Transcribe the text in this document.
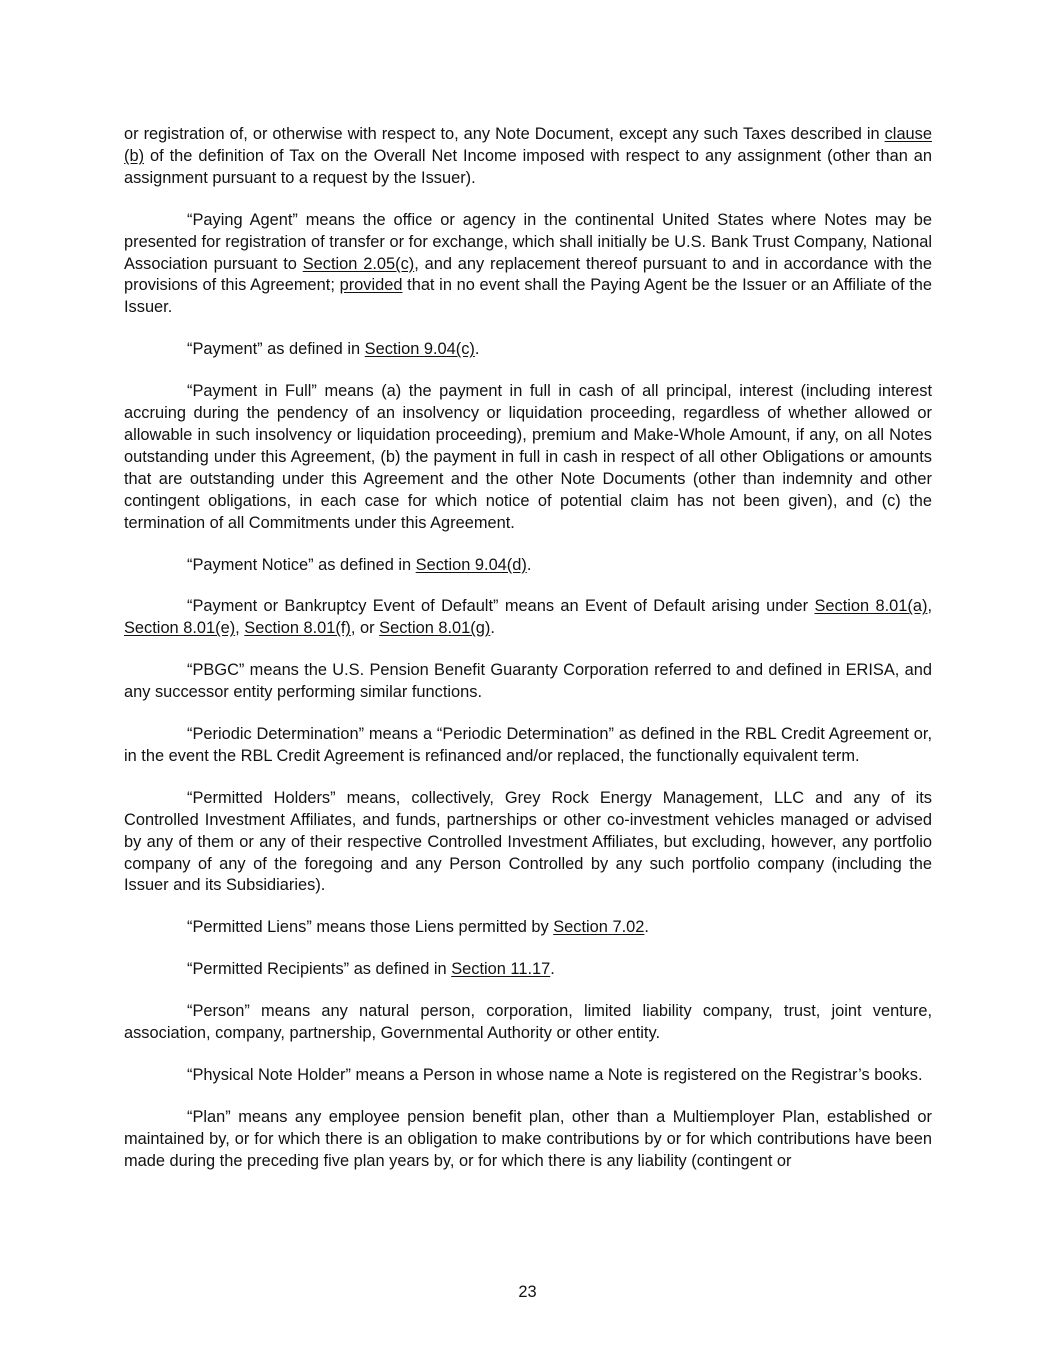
or registration of, or otherwise with respect to, any Note Document, except any such Taxes described in clause (b) of the definition of Tax on the Overall Net Income imposed with respect to any assignment (other than an assignment pursuant to a request by the Issuer).

“Paying Agent” means the office or agency in the continental United States where Notes may be presented for registration of transfer or for exchange, which shall initially be U.S. Bank Trust Company, National Association pursuant to Section 2.05(c), and any replacement thereof pursuant to and in accordance with the provisions of this Agreement; provided that in no event shall the Paying Agent be the Issuer or an Affiliate of the Issuer.

“Payment” as defined in Section 9.04(c).

“Payment in Full” means (a) the payment in full in cash of all principal, interest (including interest accruing during the pendency of an insolvency or liquidation proceeding, regardless of whether allowed or allowable in such insolvency or liquidation proceeding), premium and Make-Whole Amount, if any, on all Notes outstanding under this Agreement, (b) the payment in full in cash in respect of all other Obligations or amounts that are outstanding under this Agreement and the other Note Documents (other than indemnity and other contingent obligations, in each case for which notice of potential claim has not been given), and (c) the termination of all Commitments under this Agreement.

“Payment Notice” as defined in Section 9.04(d).

“Payment or Bankruptcy Event of Default” means an Event of Default arising under Section 8.01(a), Section 8.01(e), Section 8.01(f), or Section 8.01(g).

“PBGC” means the U.S. Pension Benefit Guaranty Corporation referred to and defined in ERISA, and any successor entity performing similar functions.

“Periodic Determination” means a “Periodic Determination” as defined in the RBL Credit Agreement or, in the event the RBL Credit Agreement is refinanced and/or replaced, the functionally equivalent term.

“Permitted Holders” means, collectively, Grey Rock Energy Management, LLC and any of its Controlled Investment Affiliates, and funds, partnerships or other co-investment vehicles managed or advised by any of them or any of their respective Controlled Investment Affiliates, but excluding, however, any portfolio company of any of the foregoing and any Person Controlled by any such portfolio company (including the Issuer and its Subsidiaries).

“Permitted Liens” means those Liens permitted by Section 7.02.

“Permitted Recipients” as defined in Section 11.17.

“Person” means any natural person, corporation, limited liability company, trust, joint venture, association, company, partnership, Governmental Authority or other entity.

“Physical Note Holder” means a Person in whose name a Note is registered on the Registrar’s books.

“Plan” means any employee pension benefit plan, other than a Multiemployer Plan, established or maintained by, or for which there is an obligation to make contributions by or for which contributions have been made during the preceding five plan years by, or for which there is any liability (contingent or

23
